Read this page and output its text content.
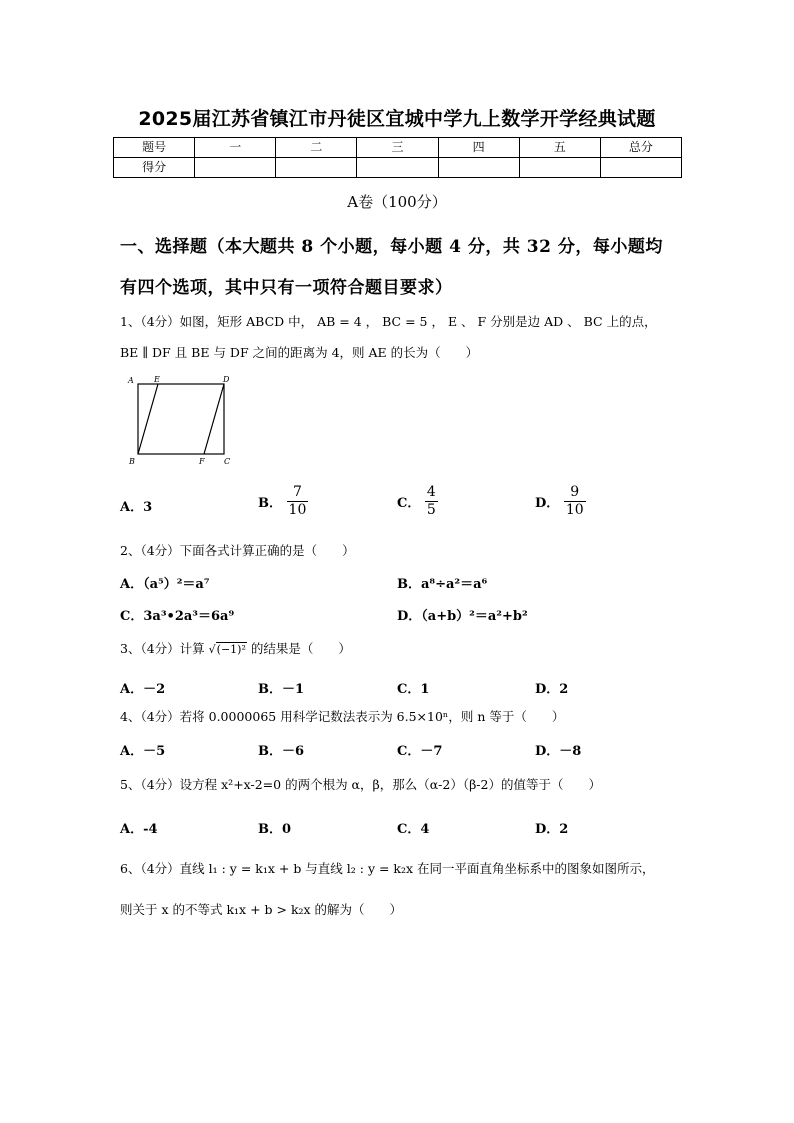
2025届江苏省镇江市丹徒区宜城中学九上数学开学经典试题
题号	一	二	三	四	五	总分
得分						
A卷（100分）
一、选择题（本大题共 8 个小题，每小题 4 分，共 32 分，每小题均
有四个选项，其中只有一项符合题目要求）
1、（4分）如图，矩形 ABCD 中， AB = 4 ， BC = 5 ， E 、 F 分别是边 AD 、 BC 上的点，
BE ∥ DF 且 BE 与 DF 之间的距离为 4，则 AE 的长为（　　）
A	E	D
B	F C
A．3	B． $\frac{7}{10}$	C． $\frac{4}{5}$	D． $\frac{9}{10}$
2、（4分）下面各式计算正确的是（　　）
A．（a⁵）²＝a⁷	B．a⁸÷a²＝a⁶
C．3a³•2a³＝6a⁹	D．（a+b）²＝a²+b²
3、（4分）计算 √(−1)² 的结果是（　　）
A．－2	B．－1	C．1	D．2
4、（4分）若将 0.0000065 用科学记数法表示为 6.5×10ⁿ，则 n 等于（　　）
A．－5	B．－6	C．－7	D．－8
5、（4分）设方程 x²+x-2=0 的两个根为 α，β，那么（α-2）（β-2）的值等于（　　）
A．-4	B．0	C．4	D．2
6、（4分）直线 l₁ : y = k₁x + b 与直线 l₂ : y = k₂x 在同一平面直角坐标系中的图象如图所示，
则关于 x 的不等式 k₁x + b > k₂x 的解为（　　）
